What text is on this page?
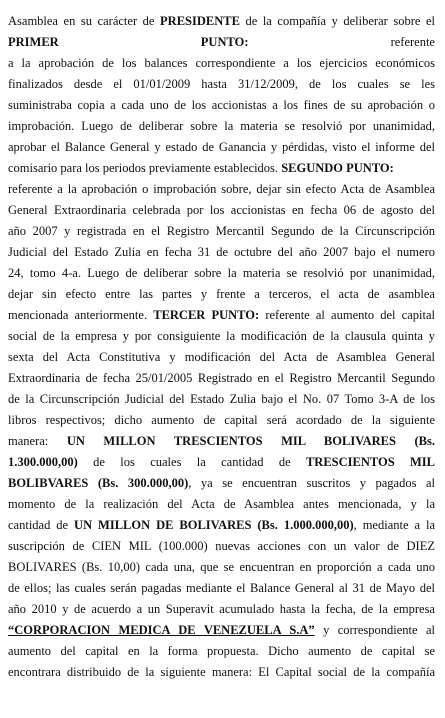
Asamblea en su carácter de PRESIDENTE de la compañía y deliberar sobre el
PRIMER	PUNTO:	referente
a la aprobación de los balances correspondiente a los ejercicios económicos
finalizados desde el 01/01/2009 hasta 31/12/2009, de los cuales se les
suministraba copia a cada uno de los accionistas a los fines de su aprobación o
improbación. Luego de deliberar sobre la materia se resolvió por unanimidad,
aprobar el Balance General y estado de Ganancia y pérdidas, visto el informe del
comisario para los periodos previamente establecidos. SEGUNDO PUNTO:
referente a la aprobación o improbación sobre, dejar sin efecto Acta de Asamblea
General Extraordinaria celebrada por los accionistas en fecha 06 de agosto del
año 2007 y registrada en el Registro Mercantil Segundo de la Circunscripción
Judicial del Estado Zulia en fecha 31 de octubre del año 2007 bajo el numero
24, tomo 4-a. Luego de deliberar sobre la materia se resolvió por unanimidad,
dejar sin efecto entre las partes y frente a terceros, el acta de asamblea
mencionada anteriormente. TERCER PUNTO: referente al aumento del capital
social de la empresa y por consiguiente la modificación de la clausula quinta y
sexta del Acta Constitutiva y modificación del Acta de Asamblea General
Extraordinaria de fecha 25/01/2005 Registrado en el Registro Mercantil Segundo
de la Circunscripción Judicial del Estado Zulia bajo el No. 07 Tomo 3-A de los
libros respectivos; dicho aumento de capital será acordado de la siguiente
manera: UN MILLON TRESCIENTOS MIL BOLIVARES (Bs.
1.300.000,00) de los cuales la cantidad de TRESCIENTOS MIL
BOLIBVARES (Bs. 300.000,00), ya se encuentran suscritos y pagados al
momento de la realización del Acta de Asamblea antes mencionada, y la
cantidad de UN MILLON DE BOLIVARES (Bs. 1.000.000,00), mediante a la
suscripción de CIEN MIL (100.000) nuevas acciones con un valor de DIEZ
BOLIVARES (Bs. 10,00) cada una, que se encuentran en proporción a cada uno
de ellos; las cuales serán pagadas mediante el Balance General al 31 de Mayo del
año 2010 y de acuerdo a un Superavit acumulado hasta la fecha, de la empresa
“CORPORACION MEDICA DE VENEZUELA S.A” y correspondiente al
aumento del capital en la forma propuesta. Dicho aumento de capital se
encontrara distribuido de la siguiente manera: El Capital social de la compañía
